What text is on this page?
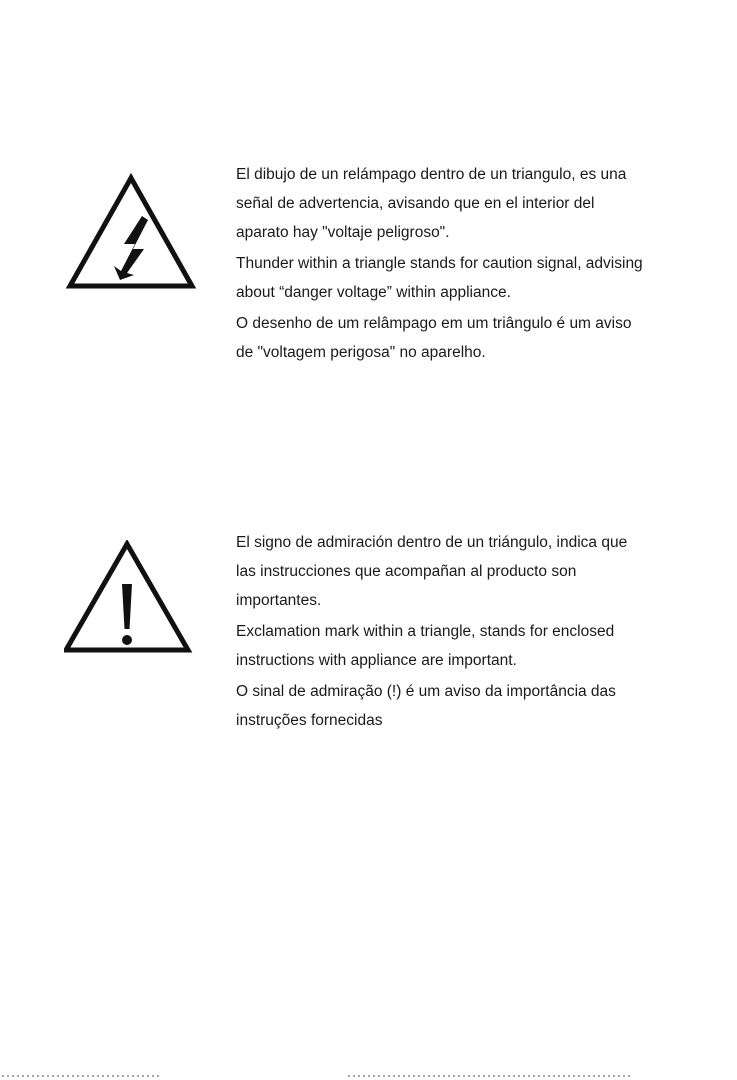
El dibujo de un relámpago dentro de un triangulo, es una
señal de advertencia, avisando que en el interior del
aparato hay "voltaje peligroso".

Thunder within a triangle stands for caution signal, advising
about “danger voltage” within appliance.

O desenho de um relâmpago em um triângulo é um aviso
de "voltagem perigosa" no aparelho.

El signo de admiración dentro de un triángulo, indica que
las instrucciones que acompañan al producto son
importantes.

Exclamation mark within a triangle, stands for enclosed
instructions with appliance are important.

O sinal de admiração (!) é um aviso da importância das
instruções fornecidas
